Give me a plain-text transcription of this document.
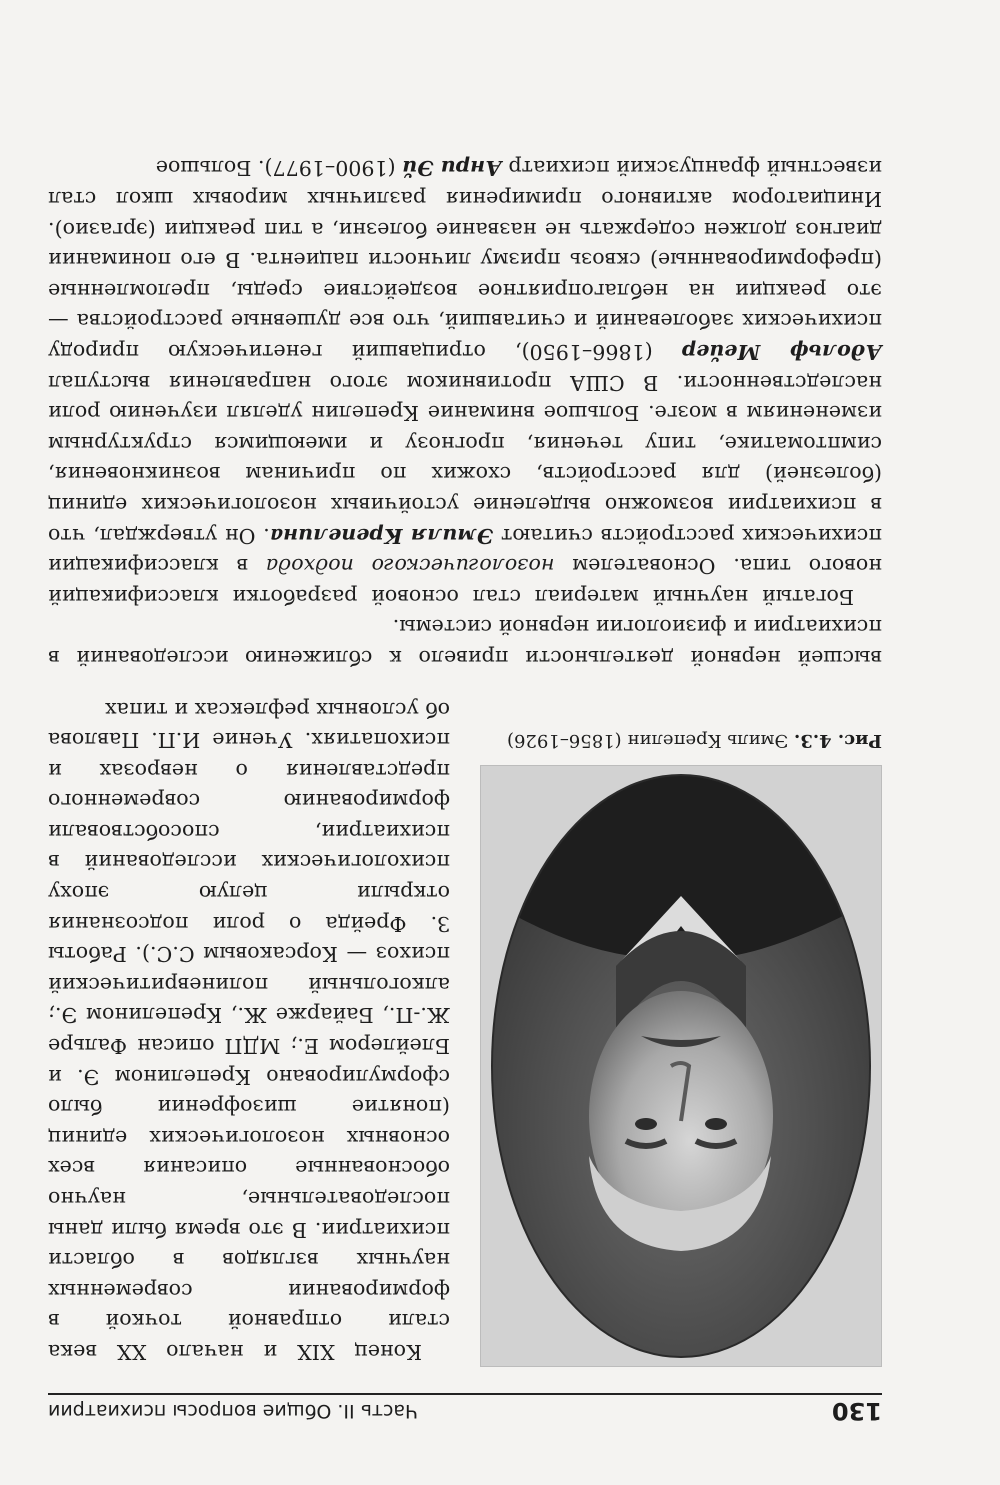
130
Часть II. Общие вопросы психиатрии
Рис. 4.3. Эмиль Крепелин (1856–1926)

Конец XIX и начало XX века стали отправной точкой в формировании современных научных взглядов в области психиатрии. В это время были даны последовательные, научно обоснованные описания всех основных нозологических единиц (понятие шизофрении было сформулировано Крепелином Э. и Блейлером Е.; МДП описан Фальре Ж.-П., Байарже Ж., Крепелином Э.; алкогольный полиневритический психоз — Корсаковым С.С.). Работы З. Фрейда о роли подсознания открыли целую эпоху психологических исследований в психиатрии, способствовали формированию современного представления о неврозах и психопатиях. Учение И.П. Павлова об условных рефлексах и типах

высшей нервной деятельности привело к сближению исследований в психиатрии и физиологии нервной системы.

Богатый научный материал стал основой разработки классификаций нового типа. Основателем нозологического подхода в классификации психических расстройств считают Эмиля Крепелина. Он утверждал, что в психиатрии возможно выделение устойчивых нозологических единиц (болезней) для расстройств, схожих по причинам возникновения, симптоматике, типу течения, прогнозу и имеющимся структурным изменениям в мозге. Большое внимание Крепелин уделял изучению роли наследственности. В США противником этого направления выступал Адольф Мейер (1866–1950), отрицавший генетическую природу психических заболеваний и считавший, что все душевные расстройства — это реакции на неблагоприятное воздействие среды, преломленные (преформированные) сквозь призму личности пациента. В его понимании диагноз должен содержать не название болезни, а тип реакции (эргазио). Инициатором активного примирения различных мировых школ стал известный французский психиатр Анри Эй (1900–1977). Большое
